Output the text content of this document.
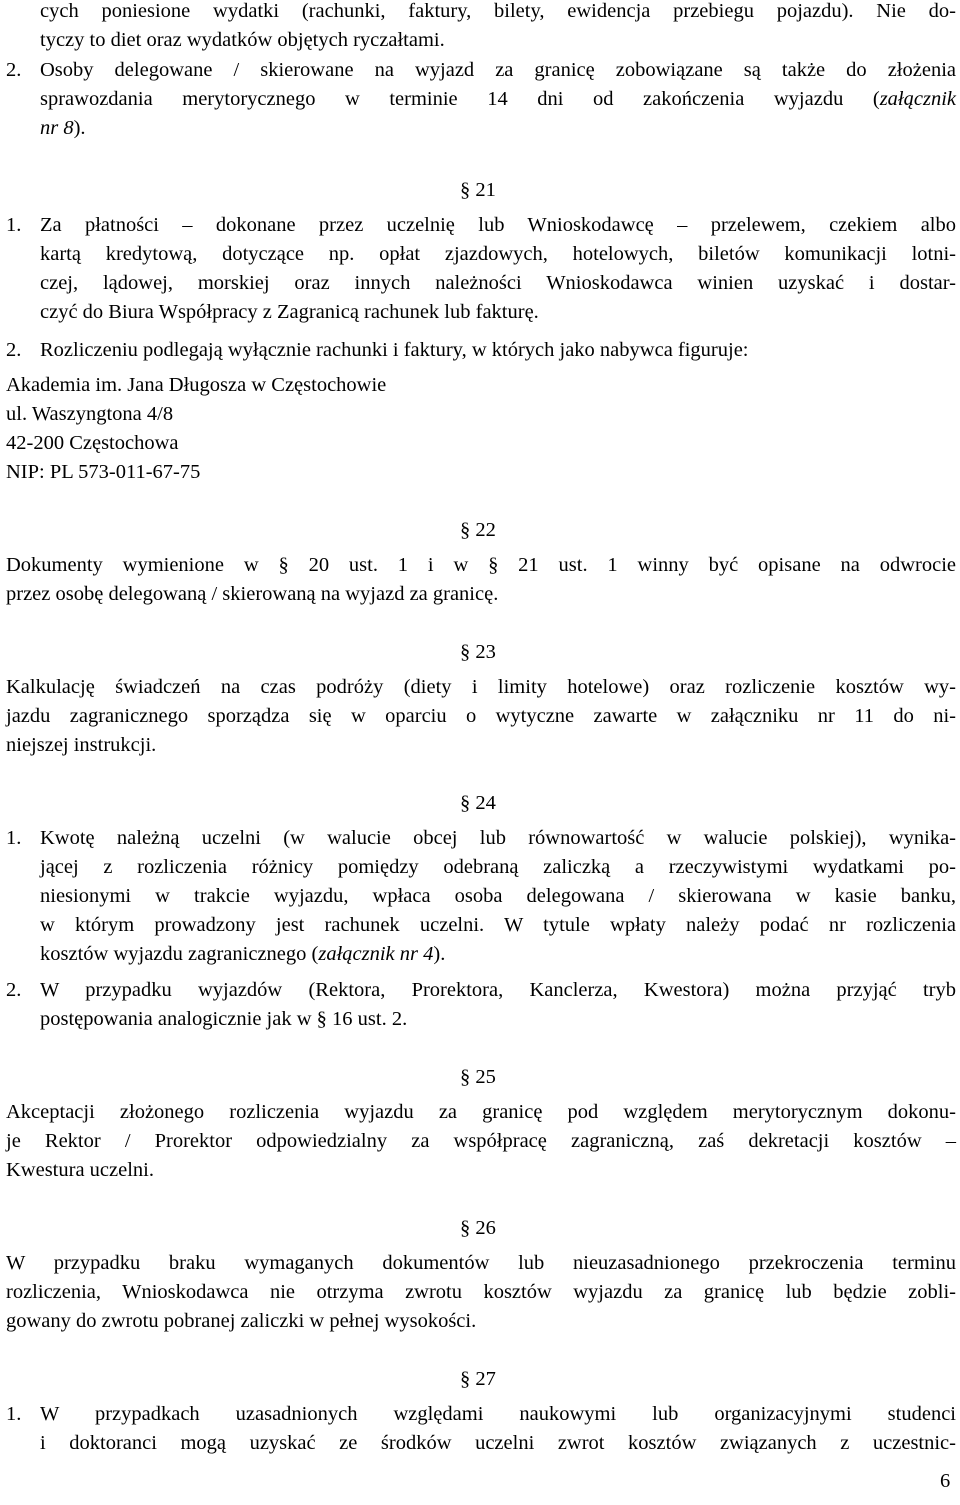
cych poniesione wydatki (rachunki, faktury, bilety, ewidencja przebiegu pojazdu). Nie do-
tyczy to diet oraz wydatków objętych ryczałtami.
2. Osoby delegowane / skierowane na wyjazd za granicę zobowiązane są także do złożenia
sprawozdania merytorycznego w terminie 14 dni od zakończenia wyjazdu (załącznik
nr 8).
§ 21
1. Za płatności – dokonane przez uczelnię lub Wnioskodawcę – przelewem, czekiem albo
kartą kredytową, dotyczące np. opłat zjazdowych, hotelowych, biletów komunikacji lotni-
czej, lądowej, morskiej oraz innych należności Wnioskodawca winien uzyskać i dostar-
czyć do Biura Współpracy z Zagranicą rachunek lub fakturę.
2. Rozliczeniu podlegają wyłącznie rachunki i faktury, w których jako nabywca figuruje:
Akademia im. Jana Długosza w Częstochowie
ul. Waszyngtona 4/8
42-200 Częstochowa
NIP: PL 573-011-67-75
§ 22
Dokumenty wymienione w § 20 ust. 1 i w § 21 ust. 1 winny być opisane na odwrocie
przez osobę delegowaną / skierowaną na wyjazd za granicę.
§ 23
Kalkulację świadczeń na czas podróży (diety i limity hotelowe) oraz rozliczenie kosztów wy-
jazdu zagranicznego sporządza się w oparciu o wytyczne zawarte w załączniku nr 11 do ni-
niejszej instrukcji.
§ 24
1. Kwotę należną uczelni (w walucie obcej lub równowartość w walucie polskiej), wynika-
jącej z rozliczenia różnicy pomiędzy odebraną zaliczką a rzeczywistymi wydatkami po-
niesionymi w trakcie wyjazdu, wpłaca osoba delegowana / skierowana w kasie banku,
w którym prowadzony jest rachunek uczelni. W tytule wpłaty należy podać nr rozliczenia
kosztów wyjazdu zagranicznego (załącznik nr 4).
2. W przypadku wyjazdów (Rektora, Prorektora, Kanclerza, Kwestora) można przyjąć tryb
postępowania analogicznie jak w § 16 ust. 2.
§ 25
Akceptacji złożonego rozliczenia wyjazdu za granicę pod względem merytorycznym dokonu-
je Rektor / Prorektor odpowiedzialny za współpracę zagraniczną, zaś dekretacji kosztów –
Kwestura uczelni.
§ 26
W przypadku braku wymaganych dokumentów lub nieuzasadnionego przekroczenia terminu
rozliczenia, Wnioskodawca nie otrzyma zwrotu kosztów wyjazdu za granicę lub będzie zobli-
gowany do zwrotu pobranej zaliczki w pełnej wysokości.
§ 27
1. W przypadkach uzasadnionych względami naukowymi lub organizacyjnymi studenci
i doktoranci mogą uzyskać ze środków uczelni zwrot kosztów związanych z uczestnic-
6
